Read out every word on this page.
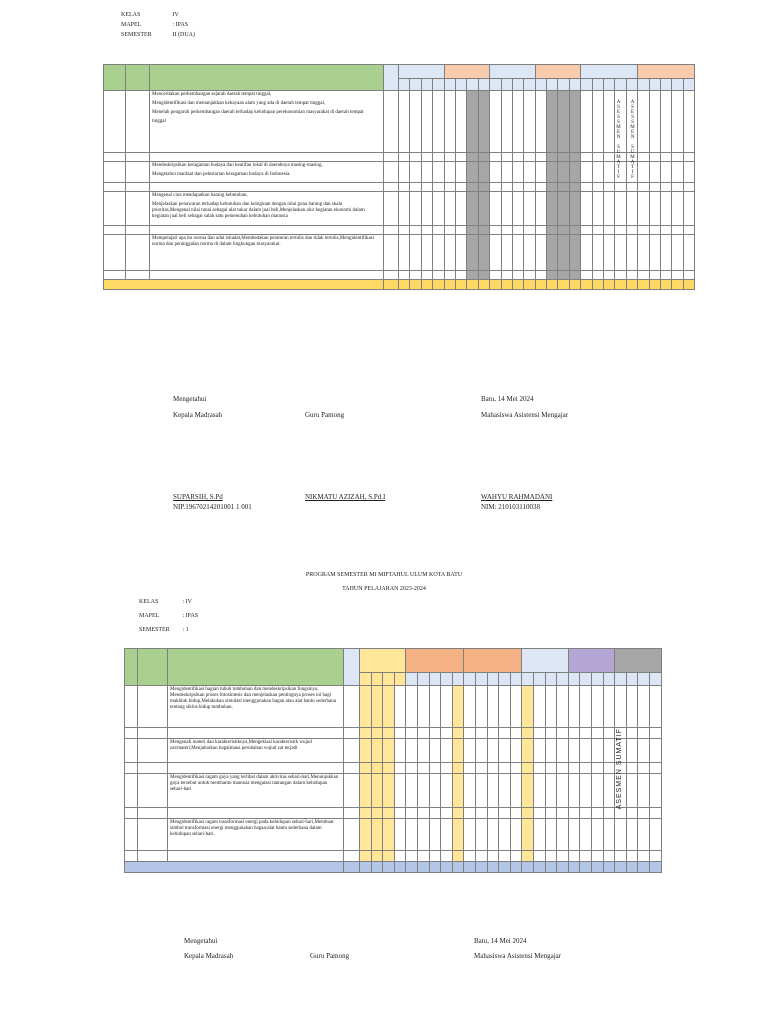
KELAS	IV
MAPEL	: IPAS
SEMESTER	II (DUA)

		Menceritakan perkembangan sejarah daerah tempat tinggal,
Mengidentifikasi dan memanjakkan kekayaan alam yang ada di daerah tempat tinggal,
Menelah pengaruh perkembangan daerah terhadap kehidupan perekonomian masyarakat di daerah tempat
tinggal																											

		Mendeskripsikan keragaman budaya dan kearifan lokal di daerahnya masing-masing,
Mengetahui manfaat dan pelestarian keragaman budaya di Indonesia.																											

		Mengenal cara mendapatkan barang kebutuhan,
Menjelaskan penawaran terhadap kebutuhan dan keinginan dengan nilai guna barang dan skala prioritas,Mengenal nilai tunai sebagai alat tukar dalam jual beli,Menjelaskan alur kegiatan ekonomi dalam kegiatan jual beli sebagai salah satu pemenuhan kebutuhan manusia																											

		Mempelajari apa itu norma dan adat istiadat,Membedakan peraturan tertulis dan tidak tertulis,Mengidentifikasi norma dan peninggalan norma di dalam lingkungan masyarakat.																											

Mengetahui
Kepala Madrasah	Guru Pamong
Batu, 14 Mei 2024
Mahasiswa Asistensi Mengajar
SUPARSIH, S.Pd
NIP.19670214201001 1 001
NIKMATU AZIZAH, S.Pd.I	WAHYU RAHMADANI
NIM: 210103110038
PROGRAM SEMESTER MI MIFTAHUL ULUM KOTA BATU
TAHUN PELAJARAN 2023-2024
KELAS	: IV
MAPEL	: IPAS
SEMESTER : 1

		Mengidentifikasi bagian tubuh tumbuhan dan mendeskripsikan fungsinya. Mendeskripsikan proses fotosintesis dan menjelaskan pentingnya proses ini bagi makhluk hidup,Melakukan simulasi menggunakan bagan atau alat bantu sederhana tentang siklus hidup tumbuhan.																											

		Mengenali materi dan karakteristiknya,Mengeklasi karakteristik wujud zat/materi,Menjabarkan bagaimana perubahan wujud zat terjadi																											

		Mengidentifikasi ragam gaya yang terlibat dalam aktivitas sehari-hari,Menunjukkan gaya tersebut untuk membantu manusia mengatasi tantangan dalam kehidupan sehari-hari																											

		Mengidentifikasi ragam transformasi energi pada kehidupan sehari-hari,Membuat simbol transformasi energi menggunakan bagan/alat bantu sederhana dalam kehidupan sehari-hari.																											

Mengetahui
Kepala Madrasah	Guru Pamong
Batu, 14 Mei 2024
Mahasiswa Asistensi Mengajar
ASESSMEN SUMATIF ASESSMEN SUMATIF
ASESMEN SUMATIF
